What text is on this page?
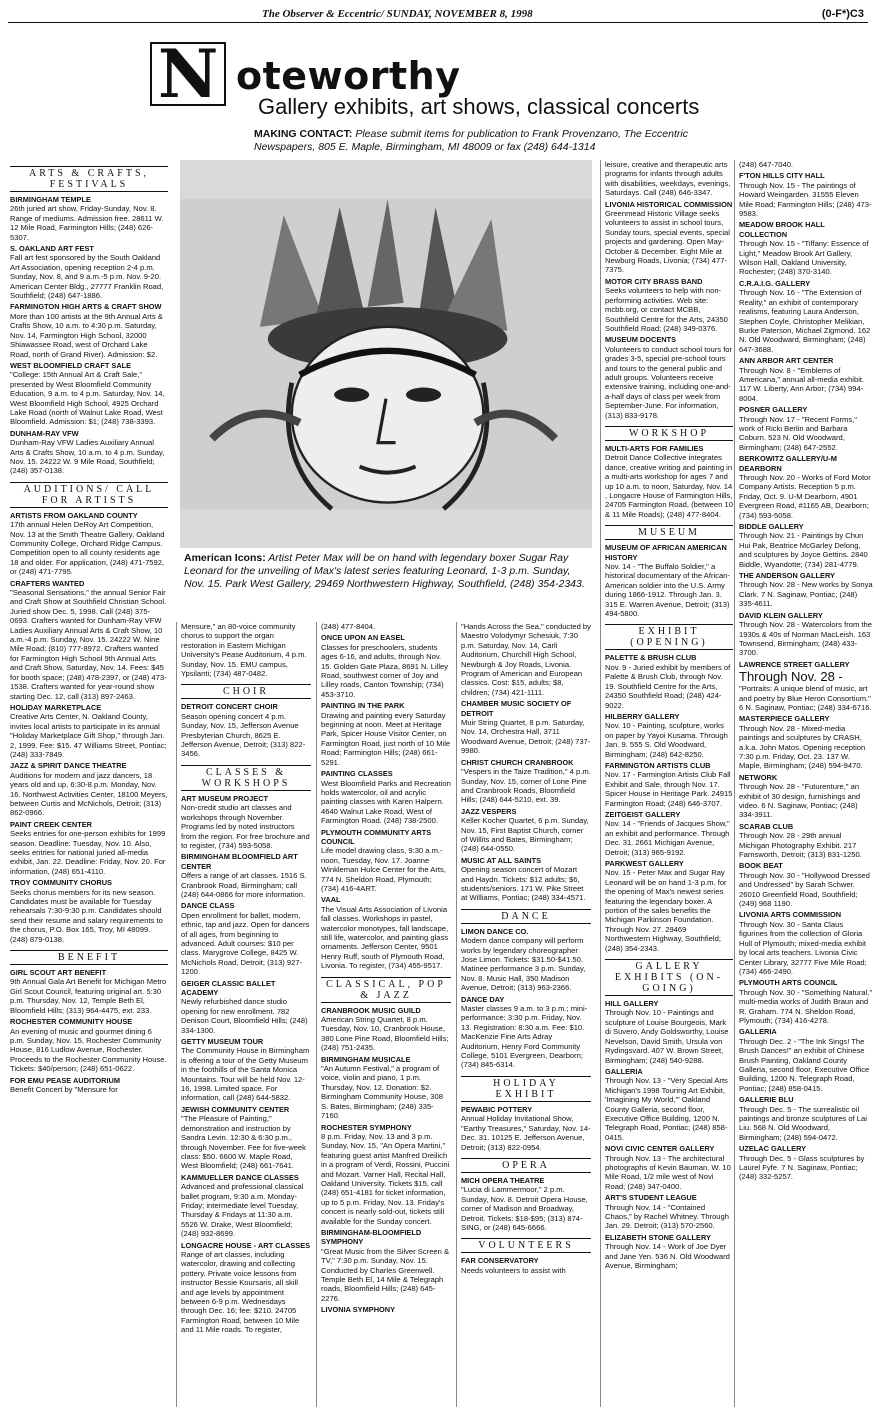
The Observer & Eccentric/ SUNDAY, NOVEMBER 8, 1998	(0-F*)C3
N oteworthy
Gallery exhibits, art shows, classical concerts
MAKING CONTACT: Please submit items for publication to Frank Provenzano, The Eccentric Newspapers, 805 E. Maple, Birmingham, MI 48009 or fax (248) 644-1314
American Icons: Artist Peter Max will be on hand with legendary boxer Sugar Ray Leonard for the unveiling of Max's latest series featuring Leonard, 1-3 p.m. Sunday, Nov. 15. Park West Gallery, 29469 Northwestern Highway, Southfield, (248) 354-2343.
ARTS & CRAFTS, FESTIVALS
BIRMINGHAM TEMPLE

26th juried art show, Friday-Sunday, Nov. 8. Range of mediums. Admission free. 28611 W. 12 Mile Road, Farmington Hills; (248) 626-5307.

S. OAKLAND ART FEST

Fall art fest sponsored by the South Oakland Art Association, opening reception 2-4 p.m. Sunday, Nov. 8, and 9 a.m.-5 p.m. Nov. 9-20. American Center Bldg., 27777 Franklin Road, Southfield; (248) 647-1886.

FARMINGTON HIGH ARTS & CRAFT SHOW

More than 100 artists at the 9th Annual Arts & Crafts Show, 10 a.m. to 4:30 p.m. Saturday, Nov. 14, Farmington High School, 32000 Shiawassee Road, west of Orchard Lake Road, north of Grand River). Admission: $2.

WEST BLOOMFIELD CRAFT SALE

"College: 15th Annual Art & Craft Sale," presented by West Bloomfield Community Education, 9 a.m. to 4 p.m. Saturday, Nov. 14, West Bloomfield High School, 4925 Orchard Lake Road (north of Walnut Lake Road, West Bloomfield. Admission: $1; (248) 738-3393.

DUNHAM-RAY VFW

Dunham-Ray VFW Ladies Auxiliary Annual Arts & Crafts Show, 10 a.m. to 4 p.m. Sunday, Nov. 15. 24222 W. 9 Mile Road, Southfield; (248) 357-0138.

AUDITIONS/ CALL FOR ARTISTS
ARTISTS FROM OAKLAND COUNTY

17th annual Helen DeRoy Art Competition, Nov. 13 at the Smith Theatre Gallery, Oakland Community College, Orchard Ridge Campus. Competition open to all county residents age 18 and older. For application, (248) 471-7592, or (248) 471-7795.

CRAFTERS WANTED

"Seasonal Sensations," the annual Senior Fair and Craft Show at Southfield Christian School. Juried show Dec. 5, 1998. Call (248) 375-0693. Crafters wanted for Dunham-Ray VFW Ladies Auxiliary Annual Arts & Craft Show, 10 a.m.-4 p.m. Sunday, Nov. 15. 24222 W. Nine Mile Road; (810) 777-8972. Crafters wanted for Farmington High School 9th Annual Arts and Craft Show, Saturday, Nov. 14. Fees: $45 for booth space; (248) 478-2397, or (248) 473-1538. Crafters wanted for year-round show starting Dec. 12, call (313) 897-2463.

HOLIDAY MARKETPLACE

Creative Arts Center, N. Oakland County, invites local artists to participate in its annual "Holiday Marketplace Gift Shop," through Jan. 2, 1999. Fee: $15. 47 Williams Street, Pontiac; (248) 333-7849.

JAZZ & SPIRIT DANCE THEATRE

Auditions for modern and jazz dancers, 18 years old and up, 6:30-8 p.m. Monday, Nov. 16. Northwest Activities Center, 18100 Meyers, between Curtis and McNichols, Detroit; (313) 862-0966.

PAINT CREEK CENTER

Seeks entries for one-person exhibits for 1999 season. Deadline: Tuesday, Nov. 10. Also, seeks entries for national juried all-media exhibit, Jan. 22. Deadline: Friday, Nov. 20. For information, (248) 651-4110.

TROY COMMUNITY CHORUS

Seeks chorus members for its new season. Candidates must be available for Tuesday rehearsals 7:30-9:30 p.m. Candidates should send their resume and salary requirements to the chorus, P.O. Box 165, Troy, MI 48099. (248) 879-0138.

BENEFIT
GIRL SCOUT ART BENEFIT

9th Annual Gala Art Benefit for Michigan Metro Girl Scout Council, featuring original art. 5:30 p.m. Thursday, Nov. 12, Temple Beth El, Bloomfield Hills; (313) 964-4475, ext. 233.

ROCHESTER COMMUNITY HOUSE

An evening of music and gourmet dining 6 p.m. Sunday, Nov. 15, Rochester Community House, 816 Ludlow Avenue, Rochester. Proceeds to the Rochester Community House. Tickets: $40/person; (248) 651-0622.

FOR EMU PEASE AUDITORIUM

Benefit Concert by "Mensure for

Mensure," an 80-voice community chorus to support the organ restoration in Eastern Michigan University's Pease Auditorium, 4 p.m. Sunday, Nov. 15. EMU campus, Ypsilanti; (734) 487-0482.

CHOIR
DETROIT CONCERT CHOIR

Season opening concert 4 p.m. Sunday, Nov. 15, Jefferson Avenue Presbyterian Church, 8625 E. Jefferson Avenue, Detroit; (313) 822-3456.

CLASSES & WORKSHOPS
ART MUSEUM PROJECT

Non-credit studio art classes and workshops through November. Programs led by noted instructors from the region. For free brochure and to register, (734) 593-5058.

BIRMINGHAM BLOOMFIELD ART CENTER

Offers a range of art classes. 1516 S. Cranbrook Road, Birmingham; call (248) 644-0866 for more information.

DANCE CLASS

Open enrollment for ballet, modern, ethnic, tap and jazz. Open for dancers of all ages, from beginning to advanced. Adult courses: $10 per class. Marygrove College, 8425 W. McNichols Road, Detroit; (313) 927-1200.

GEIGER CLASSIC BALLET ACADEMY

Newly refurbished dance studio opening for new enrollment. 782 Denison Court, Bloomfield Hills; (248) 334-1300.

GETTY MUSEUM TOUR

The Community House in Birmingham is offering a tour of the Getty Museum in the foothills of the Santa Monica Mountains. Tour will be held Nov. 12-16, 1998. Limited space. For information, call (248) 644-5832.

JEWISH COMMUNITY CENTER

"The Pleasure of Painting," demonstration and instruction by Sandra Levin. 12:30 & 6:30 p.m., through November. Fee for five-week class: $50. 6600 W. Maple Road, West Bloomfield; (248) 661-7641.

KAMMUELLER DANCE CLASSES

Advanced and professional classical ballet program, 9:30 a.m. Monday-Friday; intermediate level Tuesday, Thursday & Fridays at 11:30 a.m. 5526 W. Drake, West Bloomfield; (248) 932-8699.

LONGACRE HOUSE - ART CLASSES

Range of art classes, including watercolor, drawing and collecting pottery. Private voice lessons from instructor Bessie Koursaris, all skill and age levels by appointment between 6-9 p.m. Wednesdays through Dec. 16; fee: $210. 24705 Farmington Road, between 10 Mile and 11 Mile roads. To register,

(248) 477-8404.

ONCE UPON AN EASEL

Classes for preschoolers, students ages 6-16, and adults, through Nov. 15. Golden Gate Plaza, 8691 N. Lilley Road, southwest corner of Joy and Lilley roads, Canton Township; (734) 453-3710.

PAINTING IN THE PARK

Drawing and painting every Saturday beginning at noon. Meet at Heritage Park, Spicer House Visitor Center, on Farmington Road, just north of 10 Mile Road; Farmington Hills; (248) 661-5291.

PAINTING CLASSES

West Bloomfield Parks and Recreation holds watercolor, oil and acrylic painting classes with Karen Halpern. 4640 Walnut Lake Road, West of Farmington Road. (248) 738-2500.

PLYMOUTH COMMUNITY ARTS COUNCIL

Life model drawing class, 9:30 a.m.-noon, Tuesday, Nov. 17. Joanne Winkleman Hulce Center for the Arts, 774 N. Sheldon Road, Plymouth; (734) 416-4ART.

VAAL

The Visual Arts Association of Livonia fall classes. Workshops in pastel, watercolor monotypes, fall landscape, still life, watercolor, and painting glass ornaments. Jefferson Center, 9501 Henry Ruff, south of Plymouth Road, Livonia. To register, (734) 455-9517.

CLASSICAL, POP & JAZZ
CRANBROOK MUSIC GUILD

American String Quartet, 8 p.m. Tuesday, Nov. 10, Cranbrook House, 380 Lone Pine Road, Bloomfield Hills; (248) 751-2435.

BIRMINGHAM MUSICALE

"An Autumn Festival," a program of voice, violin and piano, 1 p.m. Thursday, Nov. 12. Donation: $2. Birmingham Community House, 308 S. Bates, Birmingham; (248) 335-7160.

ROCHESTER SYMPHONY

8 p.m. Friday, Nov. 13 and 3 p.m. Sunday, Nov. 15, "An Opera Martini," featuring guest artist Manfred Dreilich in a program of Verdi, Rossini, Puccini and Mozart. Varner Hall, Recital Hall, Oakland University. Tickets $15, call (248) 651-4181 for ticket information, up to 5 p.m. Friday, Nov. 13. Friday's concert is nearly sold-out, tickets still available for the Sunday concert.

BIRMINGHAM-BLOOMFIELD SYMPHONY

"Great Music from the Silver Screen & TV," 7:30 p.m. Sunday, Nov. 15. Conducted by Charles Greenwell. Temple Beth El, 14 Mile & Telegraph roads, Bloomfield Hills; (248) 645-2276.

LIVONIA SYMPHONY

"Hands Across the Sea," conducted by Maestro Volodymyr Schesiuk, 7:30 p.m. Saturday, Nov. 14, Carli Auditorium, Churchill High School, Newburgh & Joy Roads, Livonia. Program of American and European classics. Cost: $15, adults; $8, children; (734) 421-1111.

CHAMBER MUSIC SOCIETY OF DETROIT

Muir String Quartet, 8 p.m. Saturday, Nov. 14, Orchestra Hall, 3711 Woodward Avenue, Detroit; (248) 737-9980.

CHRIST CHURCH CRANBROOK

"Vespers in the Taize Tradition," 4 p.m. Sunday, Nov. 15, corner of Lone Pine and Cranbrook Roads, Bloomfield Hills; (248) 644-5210, ext. 39.

JAZZ VESPERS

Keller Kocher Quartet, 6 p.m. Sunday, Nov. 15, First Baptist Church, corner of Willits and Bates, Birmingham; (248) 644-0550.

MUSIC AT ALL SAINTS

Opening season concert of Mozart and Haydn. Tickets: $12 adults; $6, students/seniors. 171 W. Pike Street at Williams, Pontiac; (248) 334-4571.

DANCE
LIMON DANCE CO.

Modern dance company will perform works by legendary choreographer Jose Limon. Tickets: $31.50-$41.50. Matinee performance 3 p.m. Sunday, Nov. 8. Music Hall, 350 Madison Avenue, Detroit; (313) 963-2366.

DANCE DAY

Master classes 9 a.m. to 3 p.m.; mini-performance: 3:30 p.m. Friday, Nov. 13. Registration: 8:30 a.m. Fee: $10. MacKenzie Fine Arts Adray Auditorium, Henry Ford Community College, 5101 Evergreen, Dearborn; (734) 845-6314.

HOLIDAY EXHIBIT
PEWABIC POTTERY

Annual Holiday Invitational Show, "Earthy Treasures," Saturday, Nov. 14-Dec. 31. 10125 E. Jefferson Avenue, Detroit; (313) 822-0954.

OPERA
MICH OPERA THEATRE

"Lucia di Lammermoor," 2 p.m. Sunday, Nov. 8. Detroit Opera House, corner of Madison and Broadway, Detroit. Tickets: $18-$95; (313) 874-SING, or (248) 645-6666.

VOLUNTEERS
FAR CONSERVATORY

Needs volunteers to assist with

leisure, creative and therapeutic arts programs for infants through adults with disabilities, weekdays, evenings, Saturdays. Call (248) 646-3347.

LIVONIA HISTORICAL COMMISSION

Greenmead Historic Village seeks volunteers to assist in school tours, Sunday tours, special events, special projects and gardening. Open May-October & December. Eight Mile at Newburg Roads, Livonia; (734) 477-7375.

MOTOR CITY BRASS BAND

Seeks volunteers to help with non-performing activities. Web site: mcbb.org, or contact MCBB, Southfield Centre for the Arts, 24350 Southfield Road; (248) 349-0376.

MUSEUM DOCENTS

Volunteers to conduct school tours for grades 3-5, special pre-school tours and tours to the general public and adult groups. Volunteers receive extensive training, including one-and-a-half days of class per week from September-June. For information, (313) 833-9178.

WORKSHOP
MULTI-ARTS FOR FAMILIES

Detroit Dance Collective integrates dance, creative writing and painting in a multi-arts workshop for ages 7 and up 10 a.m. to noon, Saturday, Nov. 14 , Longacre House of Farmington Hills, 24705 Farmington Road, (between 10 & 11 Mile Roads); (248) 477-8404.

MUSEUM
MUSEUM OF AFRICAN AMERICAN HISTORY

Nov. 14 - "The Buffalo Soldier," a historical documentary of the African-American soldier into the U.S. Army during 1866-1912. Through Jan. 3. 315 E. Warren Avenue, Detroit; (313) 494-5800.

EXHIBIT (OPENING)
PALETTE & BRUSH CLUB

Nov. 9 - Juried exhibit by members of Palette & Brush Club, through Nov. 19. Southfield Centre for the Arts, 24350 Southfield Road; (248) 424-9022.

HILBERRY GALLERY

Nov. 10 - Painting, sculpture, works on paper by Yayoi Kusama. Through Jan. 9. 555 S. Old Woodward, Birmingham; (248) 642-8250.

FARMINGTON ARTISTS CLUB

Nov. 17 - Farmington Artists Club Fall Exhibit and Sale, through Nov. 17. Spicer House in Heritage Park. 24915 Farmington Road; (248) 646-3707.

ZEITGEIST GALLERY

Nov. 14 - "Friends of Jacques Show," an exhibit and performance. Through Dec. 31. 2661 Michigan Avenue, Detroit; (313) 965-9192.

PARKWEST GALLERY

Nov. 15 - Peter Max and Sugar Ray Leonard will be on hand 1-3 p.m. for the opening of Max's newest series featuring the legendary boxer. A portion of the sales benefits the Michigan Parkinson Foundation. Through Nov. 27. 29469 Northwestern Highway, Southfield; (248) 354-2343.

GALLERY EXHIBITS (ON-GOING)
HILL GALLERY

Through Nov. 10 - Paintings and sculpture of Louise Bourgeois, Mark di Suvero, Andy Goldsworthy, Louise Nevelson, David Smith, Ursula von Rydingsvard. 407 W. Brown Street, Birmingham; (248) 540-9288.

GALLERIA

Through Nov. 13 - "Very Special Arts Michigan's 1998 Touring Art Exhibit, 'Imagining My World,'" Oakland County Galleria, second floor, Executive Office Building, 1200 N. Telegraph Road, Pontiac; (248) 858-0415.

NOVI CIVIC CENTER GALLERY

Through Nov. 13 - The architectural photographs of Kevin Bauman. W. 10 Mile Road, 1/2 mile west of Novi Road; (248) 347-0400.

ART'S STUDENT LEAGUE

Through Nov. 14 - "Contained Chaos," by Rachel Whitney. Through Jan. 29. Detroit; (313) 570-2560.

ELIZABETH STONE GALLERY

Through Nov. 14 - Work of Joe Dyer and Jane Yen. 536 N. Old Woodward Avenue, Birmingham;

(248) 647-7040.

F'TON HILLS CITY HALL

Through Nov. 15 - The paintings of Howard Weingarden. 31555 Eleven Mile Road; Farmington Hills; (248) 473-9583.

MEADOW BROOK HALL COLLECTION

Through Nov. 15 - "Tiffany: Essence of Light," Meadow Brook Art Gallery, Wilson Hall, Oakland University, Rochester; (248) 370-3140.

C.R.A.I.G. GALLERY

Through Nov. 16 - "The Extension of Reality," an exhibit of contemporary realisms, featuring Laura Anderson, Stephen Coyle, Christopher Melikian, Burke Paterson, Michael Zigmond. 162 N. Old Woodward, Birmingham; (248) 647-3688.

ANN ARBOR ART CENTER

Through Nov. 8 - "Emblems of Americana," annual all-media exhibit. 117 W. Liberty, Ann Arbor; (734) 994-8004.

POSNER GALLERY

Through Nov. 17 - "Recent Forms," work of Ricki Berlin and Barbara Coburn. 523 N. Old Woodward, Birmingham; (248) 647-2552.

BERKOWITZ GALLERY/U-M DEARBORN

Through Nov. 20 - Works of Ford Motor Company Artists. Reception 5 p.m. Friday, Oct. 9. U-M Dearborn, 4901 Evergreen Road, #1165 AB, Dearborn; (734) 593-5058.

BIDDLE GALLERY

Through Nov. 21 - Paintings by Chun Hui Pak, Beatrice McGarley Delong, and sculptures by Joyce Gettins. 2840 Biddle, Wyandotte; (734) 281-4779.

THE ANDERSON GALLERY

Through Nov. 28 - New works by Sonya Clark. 7 N. Saginaw, Pontiac; (248) 335-4611.

DAVID KLEIN GALLERY

Through Nov. 28 - Watercolors from the 1930s & 40s of Norman MacLeish. 163 Townsend, Birmingham; (248) 433-3700.

LAWRENCE STREET GALLERY
Through Nov. 28 -

"Portraits: A unique blend of music, art and poetry by Blue Heron Consortium." 6 N. Saginaw, Pontiac; (248) 334-6716.

MASTERPIECE GALLERY

Through Nov. 28 - Mixed-media paintings and sculptures by CRASH, a.k.a. John Matos. Opening reception 7:30 p.m. Friday, Oct. 23. 137 W. Maple, Birmingham; (248) 594-9470.

NETWORK

Through Nov. 28 - "Futurenture," an exhibit of 30 design, furnishings and video. 6 N. Saginaw, Pontiac; (248) 334-3911.

SCARAB CLUB

Through Nov. 28 - 29th annual Michigan Photography Exhibit. 217 Farnsworth, Detroit; (313) 831-1250.

BOOK BEAT

Through Nov. 30 - "Hollywood Dressed and Undressed" by Sarah Schwer. 26010 Greenfield Road, Southfield; (249) 968 1190.

LIVONIA ARTS COMMISSION

Through Nov. 30 - Santa Claus figurines from the collection of Gloria Hull of Plymouth; mixed-media exhibit by local arts teachers. Livonia Civic Center Library, 32777 Five Mile Road; (734) 466-2490.

PLYMOUTH ARTS COUNCIL

Through Nov. 30 - "Something Natural," multi-media works of Judith Braun and R. Graham. 774 N. Sheldon Road, Plymouth; (734) 416-4278.

GALLERIA

Through Dec. 2 - "The Ink Sings! The Brush Dances!" an exhibit of Chinese Brush Painting, Oakland County Galleria, second floor, Executive Office Building, 1200 N. Telegraph Road, Pontiac; (248) 858-0415.

GALLERIE BLU

Through Dec. 5 - The surrealistic oil paintings and bronze sculptures of Lai Liu. 568 N. Old Woodward, Birmingham; (248) 594-0472.

UZELAC GALLERY

Through Dec. 5 - Glass sculptures by Laurel Fyfe. 7 N. Saginaw, Pontiac; (248) 332-5257.
